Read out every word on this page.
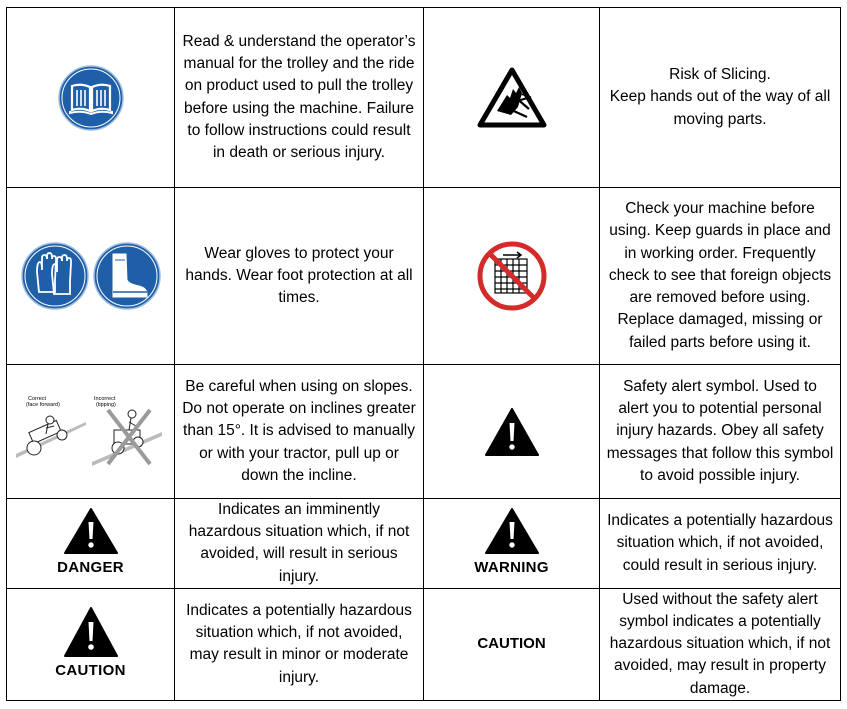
	Read & understand the operator’s manual for the trolley and the ride on product used to pull the trolley before using the machine. Failure to follow instructions could result in death or serious injury.		Risk of Slicing.
Keep hands out of the way of all moving parts.

	Wear gloves to protect your hands. Wear foot protection at all times.		Check your machine before using. Keep guards in place and in working order. Frequently check to see that foreign objects are removed before using. Replace damaged, missing or failed parts before using it.

Correct
(face forward)
Incorrect
(tipping)	Be careful when using on slopes. Do not operate on inclines greater than 15°. It is advised to manually or with your tractor, pull up or down the incline.		Safety alert symbol. Used to alert you to potential personal injury hazards. Obey all safety messages that follow this symbol to avoid possible injury.

DANGER	Indicates an imminently hazardous situation which, if not avoided, will result in serious injury.	WARNING	Indicates a potentially hazardous situation which, if not avoided, could result in serious injury.

CAUTION	Indicates a potentially hazardous situation which, if not avoided, may result in minor or moderate injury.	CAUTION	Used without the safety alert symbol indicates a potentially hazardous situation which, if not avoided, may result in property damage.
